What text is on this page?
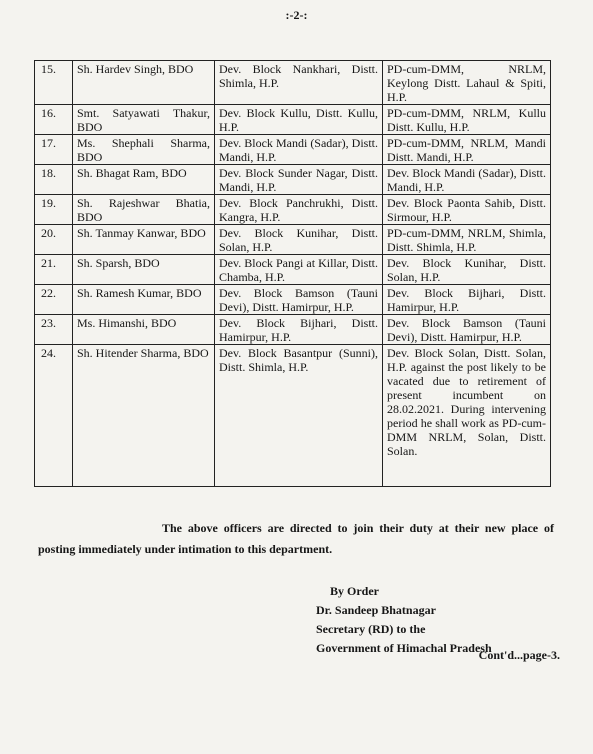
:-2-:
15.	Sh. Hardev Singh, BDO	Dev. Block Nankhari, Distt. Shimla, H.P.	PD-cum-DMM, NRLM, Keylong Distt. Lahaul & Spiti, H.P.
16.	Smt. Satyawati Thakur, BDO	Dev. Block Kullu, Distt. Kullu, H.P.	PD-cum-DMM, NRLM, Kullu Distt. Kullu, H.P.
17.	Ms. Shephali Sharma, BDO	Dev. Block Mandi (Sadar), Distt. Mandi, H.P.	PD-cum-DMM, NRLM, Mandi Distt. Mandi, H.P.
18.	Sh. Bhagat Ram, BDO	Dev. Block Sunder Nagar, Distt. Mandi, H.P.	Dev. Block Mandi (Sadar), Distt. Mandi, H.P.
19.	Sh. Rajeshwar Bhatia, BDO	Dev. Block Panchrukhi, Distt. Kangra, H.P.	Dev. Block Paonta Sahib, Distt. Sirmour, H.P.
20.	Sh. Tanmay Kanwar, BDO	Dev. Block Kunihar, Distt. Solan, H.P.	PD-cum-DMM, NRLM, Shimla, Distt. Shimla, H.P.
21.	Sh. Sparsh, BDO	Dev. Block Pangi at Killar, Distt. Chamba, H.P.	Dev. Block Kunihar, Distt. Solan, H.P.
22.	Sh. Ramesh Kumar, BDO	Dev. Block Bamson (Tauni Devi), Distt. Hamirpur, H.P.	Dev. Block Bijhari, Distt. Hamirpur, H.P.
23.	Ms. Himanshi, BDO	Dev. Block Bijhari, Distt. Hamirpur, H.P.	Dev. Block Bamson (Tauni Devi), Distt. Hamirpur, H.P.
24.	Sh. Hitender Sharma, BDO	Dev. Block Basantpur (Sunni), Distt. Shimla, H.P.	Dev. Block Solan, Distt. Solan, H.P. against the post likely to be vacated due to retirement of present incumbent on 28.02.2021. During intervening period he shall work as PD-cum-DMM NRLM, Solan, Distt. Solan.
The above officers are directed to join their duty at their new place of posting immediately under intimation to this department.
By Order
Dr. Sandeep Bhatnagar
Secretary (RD) to the
Government of Himachal Pradesh
Cont'd...page-3.
